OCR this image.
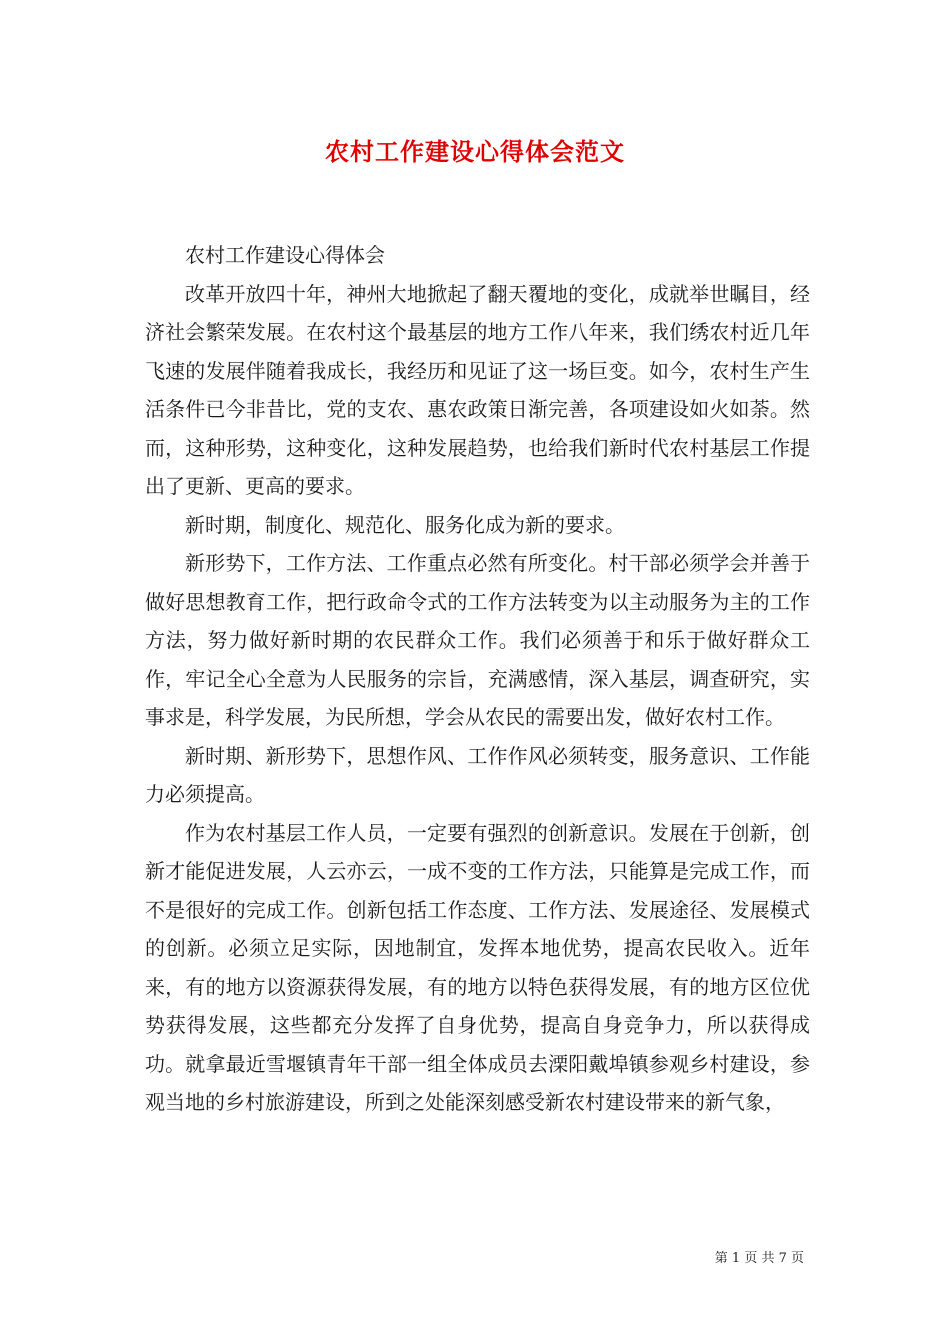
农村工作建设心得体会范文

农村工作建设心得体会

改革开放四十年，神州大地掀起了翻天覆地的变化，成就举世瞩目，经济社会繁荣发展。在农村这个最基层的地方工作八年来，我们绣农村近几年飞速的发展伴随着我成长，我经历和见证了这一场巨变。如今，农村生产生活条件已今非昔比，党的支农、惠农政策日渐完善，各项建设如火如荼。然而，这种形势，这种变化，这种发展趋势，也给我们新时代农村基层工作提出了更新、更高的要求。

新时期，制度化、规范化、服务化成为新的要求。

新形势下，工作方法、工作重点必然有所变化。村干部必须学会并善于做好思想教育工作，把行政命令式的工作方法转变为以主动服务为主的工作方法，努力做好新时期的农民群众工作。我们必须善于和乐于做好群众工作，牢记全心全意为人民服务的宗旨，充满感情，深入基层，调查研究，实事求是，科学发展，为民所想，学会从农民的需要出发，做好农村工作。

新时期、新形势下，思想作风、工作作风必须转变，服务意识、工作能力必须提高。

作为农村基层工作人员，一定要有强烈的创新意识。发展在于创新，创新才能促进发展，人云亦云，一成不变的工作方法，只能算是完成工作，而不是很好的完成工作。创新包括工作态度、工作方法、发展途径、发展模式的创新。必须立足实际，因地制宜，发挥本地优势，提高农民收入。近年来，有的地方以资源获得发展，有的地方以特色获得发展，有的地方区位优势获得发展，这些都充分发挥了自身优势，提高自身竞争力，所以获得成功。就拿最近雪堰镇青年干部一组全体成员去溧阳戴埠镇参观乡村建设，参观当地的乡村旅游建设，所到之处能深刻感受新农村建设带来的新气象，

第 1 页 共 7 页
